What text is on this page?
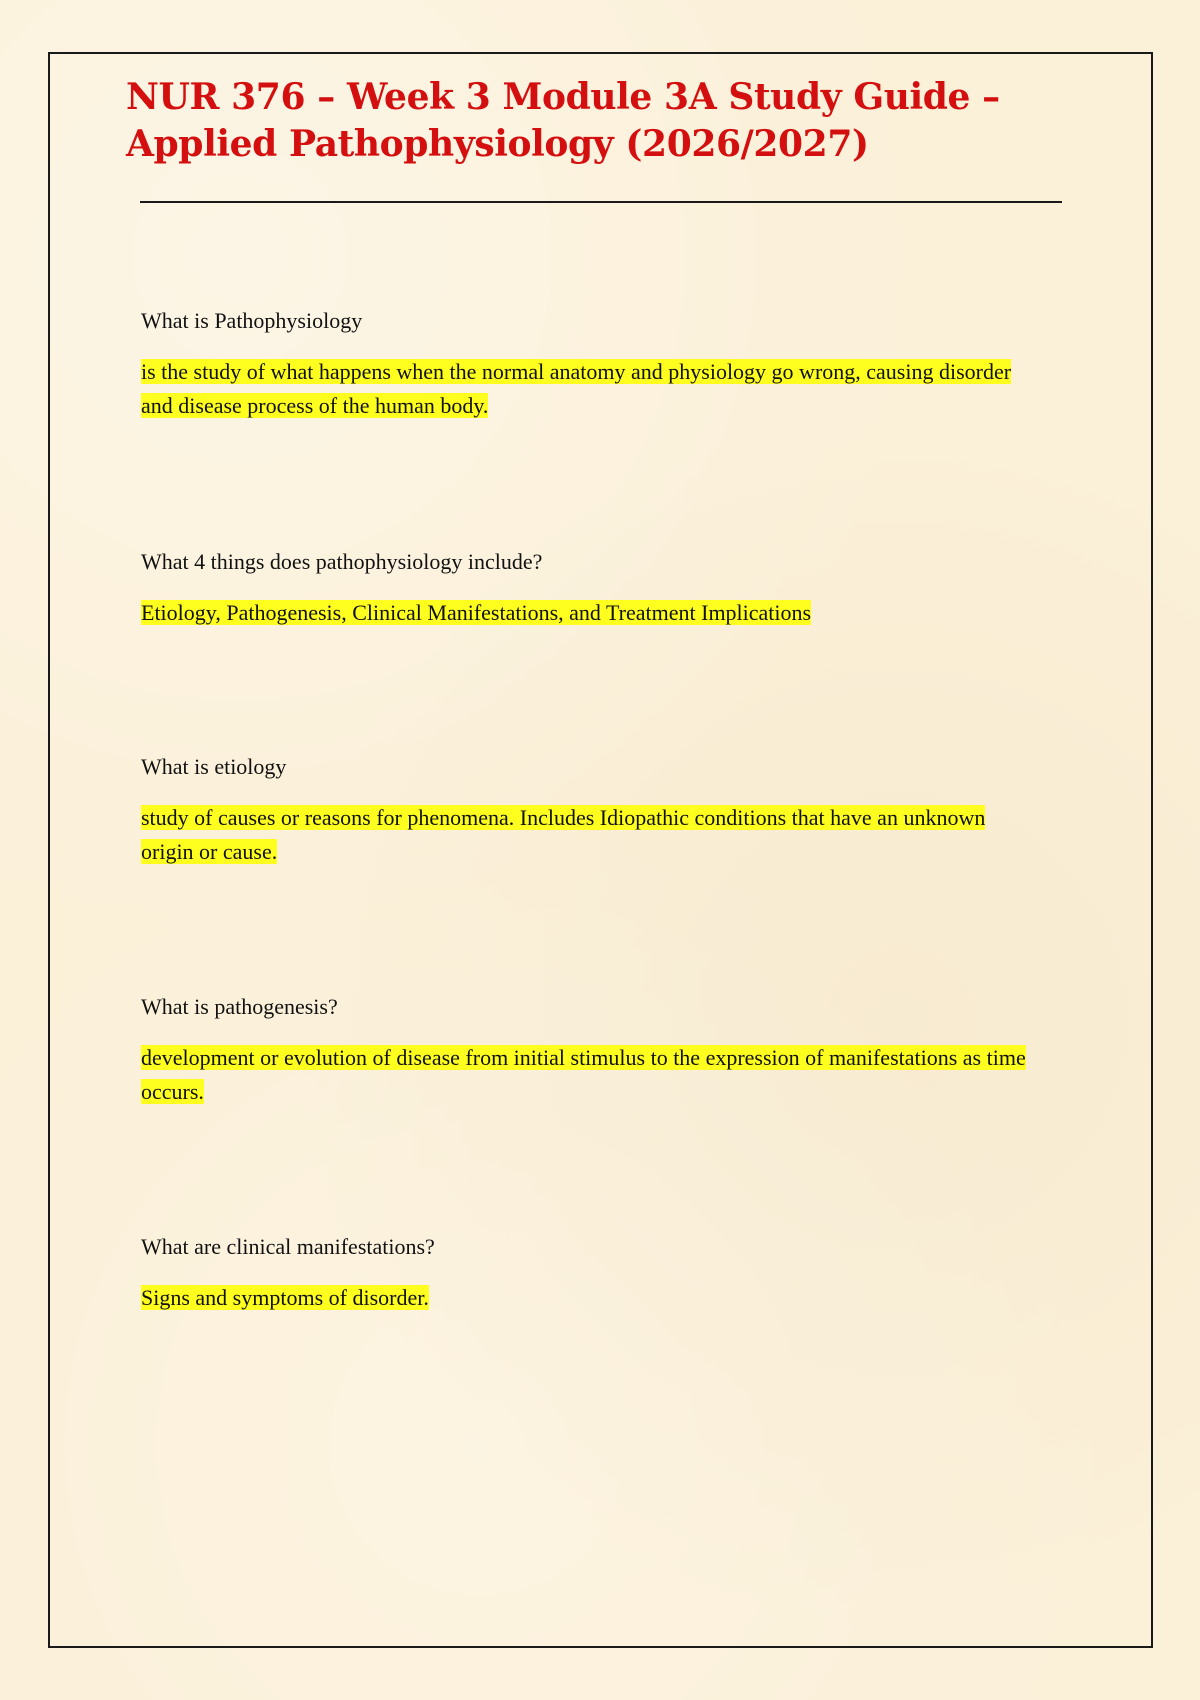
NUR 376 – Week 3 Module 3A Study Guide – Applied Pathophysiology (2026/2027)

What is Pathophysiology

is the study of what happens when the normal anatomy and physiology go wrong, causing disorder and disease process of the human body.

What 4 things does pathophysiology include?

Etiology, Pathogenesis, Clinical Manifestations, and Treatment Implications

What is etiology

study of causes or reasons for phenomena. Includes Idiopathic conditions that have an unknown origin or cause.

What is pathogenesis?

development or evolution of disease from initial stimulus to the expression of manifestations as time occurs.

What are clinical manifestations?

Signs and symptoms of disorder.
